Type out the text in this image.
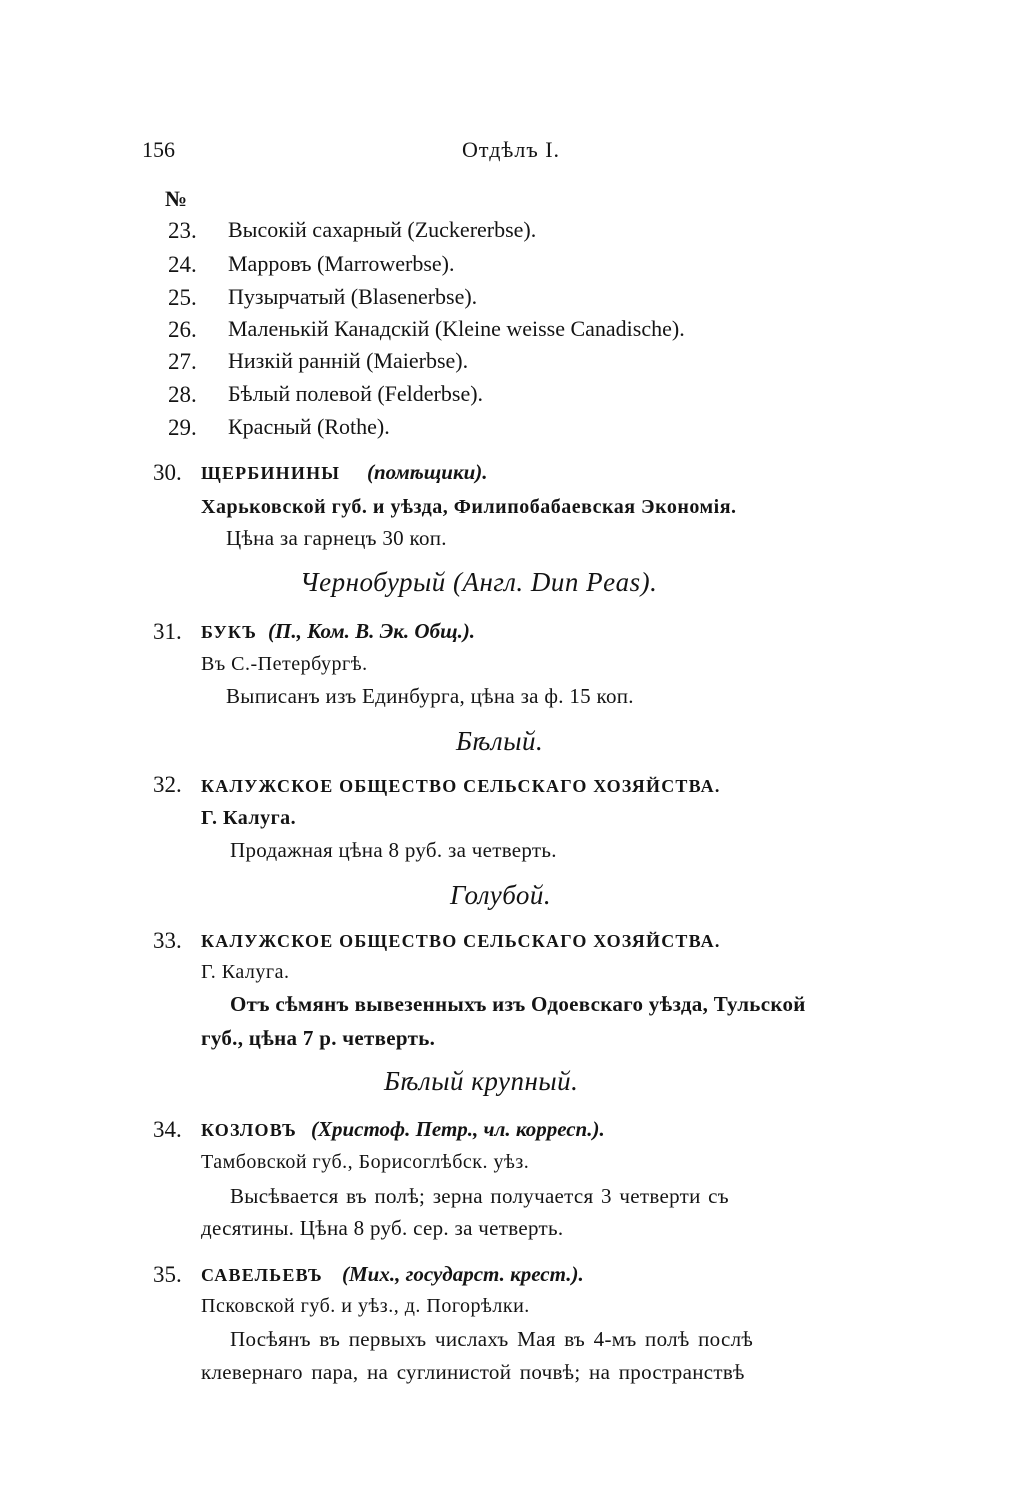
156	Отдѣлъ I.
№
23. Высокій сахарный (Zuckererbse).
24. Марровъ (Marrowerbse).
25. Пузырчатый (Blasenerbse).
26. Маленькій Канадскій (Kleine weisse Canadische).
27. Низкій ранній (Maierbse).
28. Бѣлый полевой (Felderbse).
29. Красный (Rothe).
30. ЩЕРБИНИНЫ (помѣщики).
Харьковской губ. и уѣзда, Филипобабаевская Экономія.
Цѣна за гарнецъ 30 коп.
Чернобурый (Англ. Dun Peas).
31. БУКЪ (П., Ком. В. Эк. Общ.).
Въ С.-Петербургѣ.
Выписанъ изъ Единбурга, цѣна за ф. 15 коп.
Бѣлый.
32. КАЛУЖСКОЕ ОБЩЕСТВО СЕЛЬСКАГО ХОЗЯЙСТВА.
Г. Калуга.
Продажная цѣна 8 руб. за четверть.
Голубой.
33. КАЛУЖСКОЕ ОБЩЕСТВО СЕЛЬСКАГО ХОЗЯЙСТВА.
Г. Калуга.
Отъ сѣмянъ вывезенныхъ изъ Одоевскаго уѣзда, Тульской
губ., цѣна 7 р. четверть.
Бѣлый крупный.
34. КОЗЛОВЪ (Христоф. Петр., чл. корресп.).
Тамбовской губ., Борисоглѣбск. уѣз.
Высѣвается въ полѣ; зерна получается 3 четверти съ
десятины. Цѣна 8 руб. сер. за четверть.
35. САВЕЛЬЕВЪ (Мих., государст. крест.).
Псковской губ. и уѣз., д. Погорѣлки.
Посѣянъ въ первыхъ числахъ Мая въ 4-мъ полѣ послѣ
клевернаго пара, на суглинистой почвѣ; на пространствѣ
